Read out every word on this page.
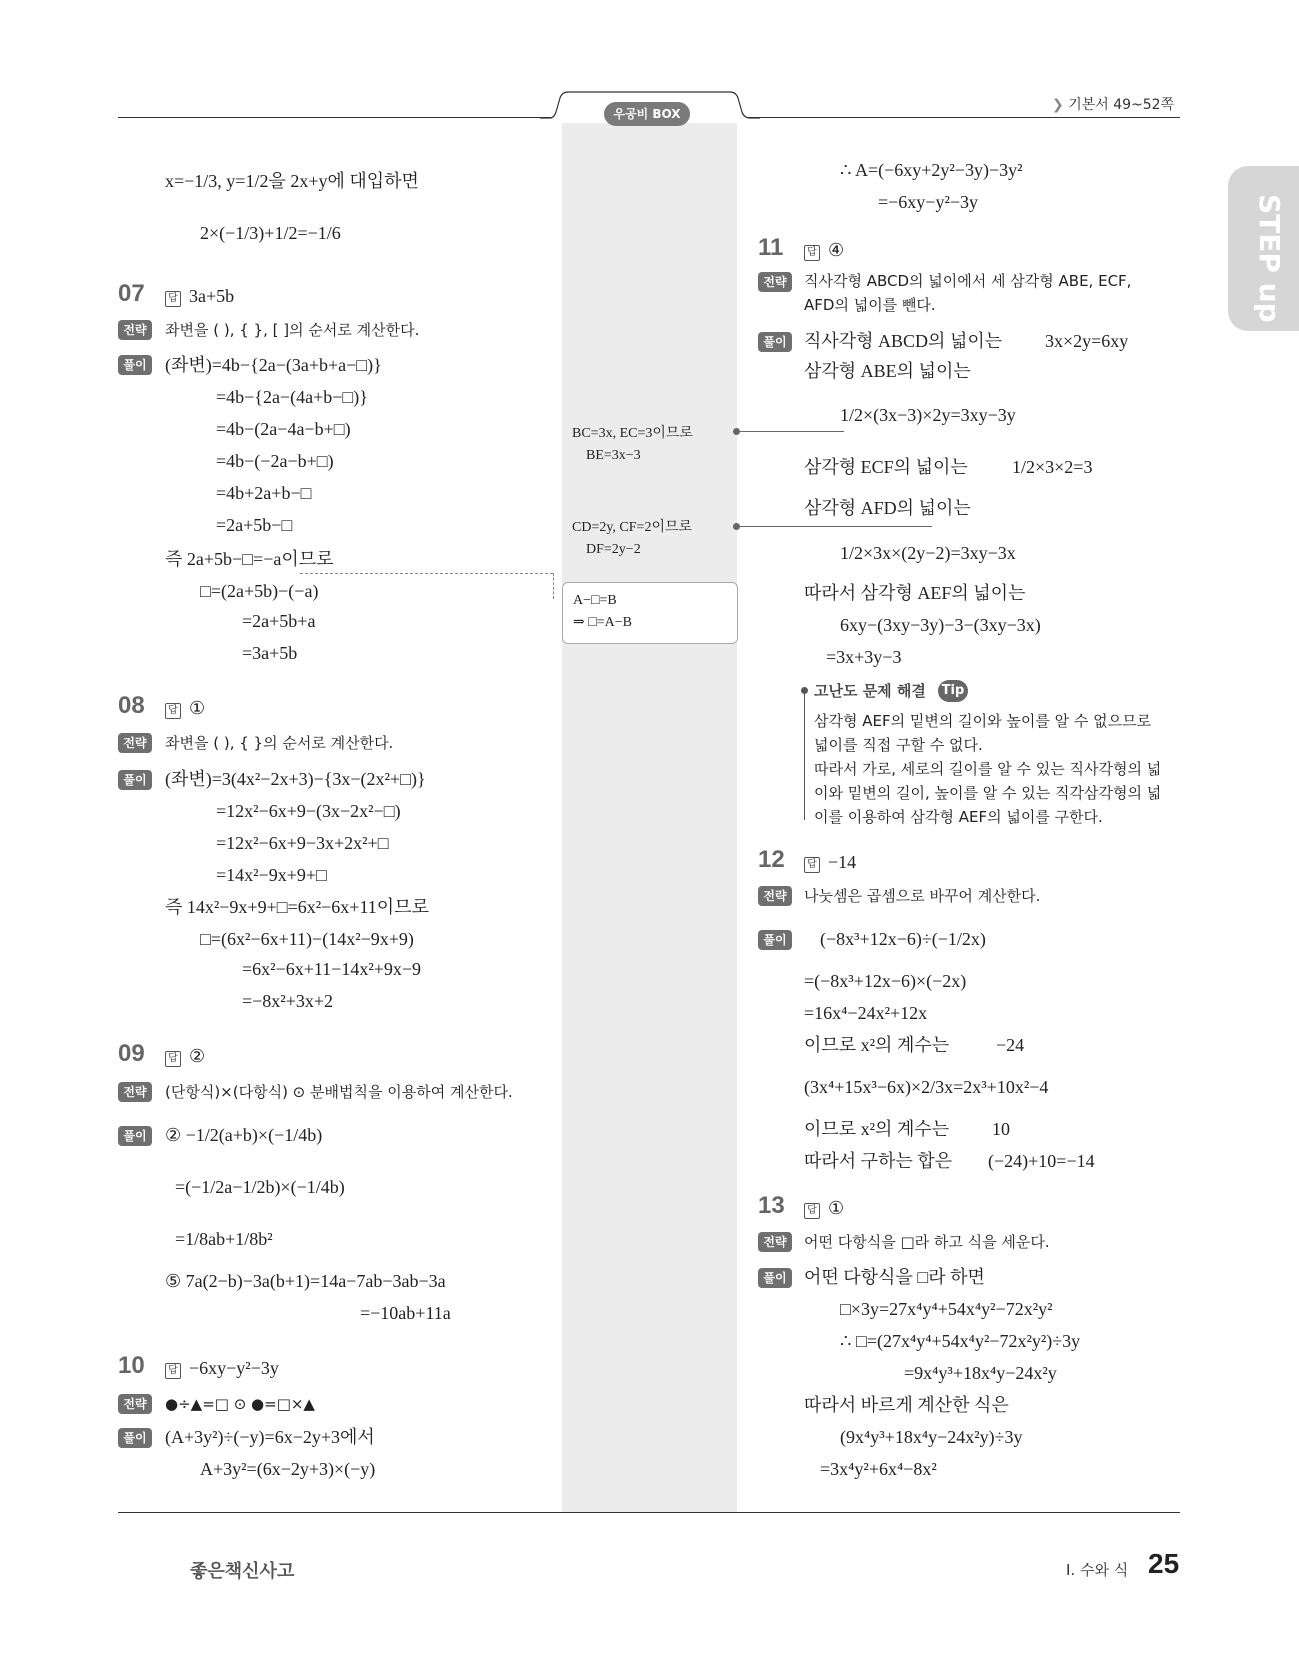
우공비 BOX
❯ 기본서 49~52쪽
STEP up
x=−1/3, y=1/2을 2x+y에 대입하면
2×(−1/3)+1/2=−1/6
07	답 3a+5b
전략	좌변을 ( ), { }, [ ]의 순서로 계산한다.
풀이	(좌변)=4b−{2a−(3a+b+a−□)}
=4b−{2a−(4a+b−□)}
=4b−(2a−4a−b+□)
=4b−(−2a−b+□)
=4b+2a+b−□
=2a+5b−□
즉 2a+5b−□=−a이므로
□=(2a+5b)−(−a)
=2a+5b+a
=3a+5b
08	답 ①
전략	좌변을 ( ), { }의 순서로 계산한다.
풀이	(좌변)=3(4x²−2x+3)−{3x−(2x²+□)}
=12x²−6x+9−(3x−2x²−□)
=12x²−6x+9−3x+2x²+□
=14x²−9x+9+□
즉 14x²−9x+9+□=6x²−6x+11이므로
□=(6x²−6x+11)−(14x²−9x+9)
=6x²−6x+11−14x²+9x−9
=−8x²+3x+2
09	답 ②
전략	(단항식)×(다항식) ⊙ 분배법칙을 이용하여 계산한다.
풀이	② −1/2(a+b)×(−1/4b)
=(−1/2a−1/2b)×(−1/4b)
=1/8ab+1/8b²
⑤ 7a(2−b)−3a(b+1)=14a−7ab−3ab−3a
=−10ab+11a
10	답 −6xy−y²−3y
전략	●÷▲=□ ⊙ ●=□×▲
풀이	(A+3y²)÷(−y)=6x−2y+3에서
A+3y²=(6x−2y+3)×(−y)
BC=3x, EC=3이므로
BE=3x−3
CD=2y, CF=2이므로
DF=2y−2
A−□=B
⇒ □=A−B
∴ A=(−6xy+2y²−3y)−3y²
=−6xy−y²−3y
11	답 ④
전략	직사각형 ABCD의 넓이에서 세 삼각형 ABE, ECF,
AFD의 넓이를 뺀다.
풀이 직사각형 ABCD의 넓이는 3x×2y=6xy
삼각형 ABE의 넓이는
1/2×(3x−3)×2y=3xy−3y
삼각형 ECF의 넓이는 1/2×3×2=3
삼각형 AFD의 넓이는
1/2×3x×(2y−2)=3xy−3x
따라서 삼각형 AEF의 넓이는
6xy−(3xy−3y)−3−(3xy−3x)
=3x+3y−3
고난도 문제 해결 Tip
삼각형 AEF의 밑변의 길이와 높이를 알 수 없으므로
넓이를 직접 구할 수 없다.
따라서 가로, 세로의 길이를 알 수 있는 직사각형의 넓
이와 밑변의 길이, 높이를 알 수 있는 직각삼각형의 넓
이를 이용하여 삼각형 AEF의 넓이를 구한다.
12	답 −14
전략	나눗셈은 곱셈으로 바꾸어 계산한다.
풀이	(−8x³+12x−6)÷(−1/2x)
=(−8x³+12x−6)×(−2x)
=16x⁴−24x²+12x
이므로 x²의 계수는	−24
(3x⁴+15x³−6x)×2/3x=2x³+10x²−4
이므로 x²의 계수는 10
따라서 구하는 합은 (−24)+10=−14
13	답 ①
전략	어떤 다항식을 □라 하고 식을 세운다.
풀이 어떤 다항식을 □라 하면
□×3y=27x⁴y⁴+54x⁴y²−72x²y²
∴ □=(27x⁴y⁴+54x⁴y²−72x²y²)÷3y
=9x⁴y³+18x⁴y−24x²y
따라서 바르게 계산한 식은
(9x⁴y³+18x⁴y−24x²y)÷3y
=3x⁴y²+6x⁴−8x²
좋은책신사고	Ⅰ. 수와 식 25
